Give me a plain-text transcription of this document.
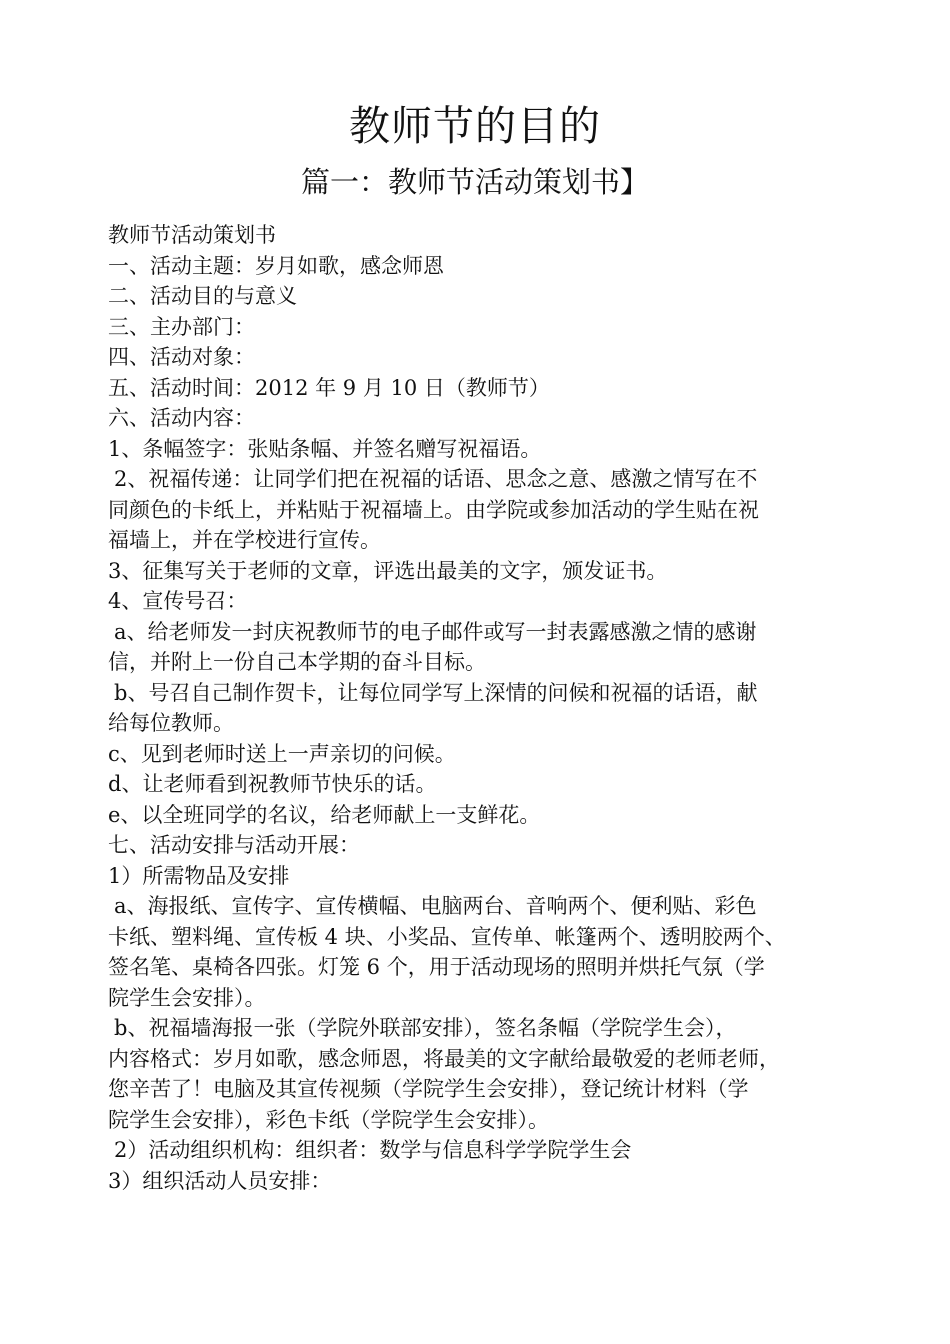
教师节的目的
篇一：教师节活动策划书】
教师节活动策划书
一、活动主题：岁月如歌，感念师恩
二、活动目的与意义
三、主办部门：
四、活动对象：
五、活动时间：2012 年 9 月 10 日（教师节）
六、活动内容：
1、条幅签字：张贴条幅、并签名赠写祝福语。
2、祝福传递：让同学们把在祝福的话语、思念之意、感激之情写在不
同颜色的卡纸上，并粘贴于祝福墙上。由学院或参加活动的学生贴在祝
福墙上，并在学校进行宣传。
3、征集写关于老师的文章，评选出最美的文字，颁发证书。
4、宣传号召：
a、给老师发一封庆祝教师节的电子邮件或写一封表露感激之情的感谢
信，并附上一份自己本学期的奋斗目标。
b、号召自己制作贺卡，让每位同学写上深情的问候和祝福的话语，献
给每位教师。
c、见到老师时送上一声亲切的问候。
d、让老师看到祝教师节快乐的话。
e、以全班同学的名议，给老师献上一支鲜花。
七、活动安排与活动开展：
1）所需物品及安排
a、海报纸、宣传字、宣传横幅、电脑两台、音响两个、便利贴、彩色
卡纸、塑料绳、宣传板 4 块、小奖品、宣传单、帐篷两个、透明胶两个、
签名笔、桌椅各四张。灯笼 6 个，用于活动现场的照明并烘托气氛（学
院学生会安排）。
b、祝福墙海报一张（学院外联部安排），签名条幅（学院学生会），
内容格式：岁月如歌，感念师恩，将最美的文字献给最敬爱的老师老师，
您辛苦了！电脑及其宣传视频（学院学生会安排），登记统计材料（学
院学生会安排），彩色卡纸（学院学生会安排）。
2）活动组织机构：组织者：数学与信息科学学院学生会
3）组织活动人员安排：
